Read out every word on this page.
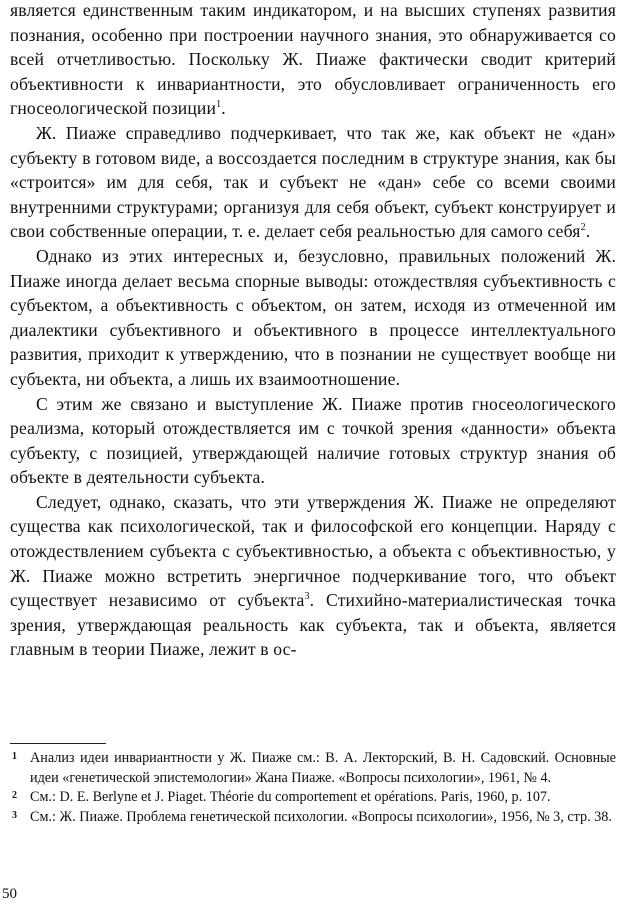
является единственным таким индикатором, и на высших ступенях развития познания, особенно при построении научного знания, это обнаруживается со всей отчетливостью. Поскольку Ж. Пиаже фактически сводит критерий объективности к инвариантности, это обусловливает ограниченность его гносеологической позиции$^1$.

Ж. Пиаже справедливо подчеркивает, что так же, как объект не «дан» субъекту в готовом виде, а воссоздается последним в структуре знания, как бы «строится» им для себя, так и субъект не «дан» себе со всеми своими внутренними структурами; организуя для себя объект, субъект конструирует и свои собственные операции, т. е. делает себя реальностью для самого себя$^2$.

Однако из этих интересных и, безусловно, правильных положений Ж. Пиаже иногда делает весьма спорные выводы: отождествляя субъективность с субъектом, а объективность с объектом, он затем, исходя из отмеченной им диалектики субъективного и объективного в процессе интеллектуального развития, приходит к утверждению, что в познании не существует вообще ни субъекта, ни объекта, а лишь их взаимоотношение.

С этим же связано и выступление Ж. Пиаже против гносеологического реализма, который отождествляется им с точкой зрения «данности» объекта субъекту, с позицией, утверждающей наличие готовых структур знания об объекте в деятельности субъекта.

Следует, однако, сказать, что эти утверждения Ж. Пиаже не определяют существа как психологической, так и философской его концепции. Наряду с отождествлением субъекта с субъективностью, а объекта с объективностью, у Ж. Пиаже можно встретить энергичное подчеркивание того, что объект существует независимо от субъекта$^3$. Стихийно-материалистическая точка зрения, утверждающая реальность как субъекта, так и объекта, является главным в теории Пиаже, лежит в ос-

1 Анализ идеи инвариантности у Ж. Пиаже см.: В. А. Лекторский, В. Н. Садовский. Основные идеи «генетической эпистемологии» Жана Пиаже. «Вопросы психологии», 1961, № 4.

2 См.: D. E. Berlyne et J. Piaget. Théorie du comportement et opérations. Paris, 1960, p. 107.

3 См.: Ж. Пиаже. Проблема генетической психологии. «Вопросы психологии», 1956, № 3, стр. 38.

50
